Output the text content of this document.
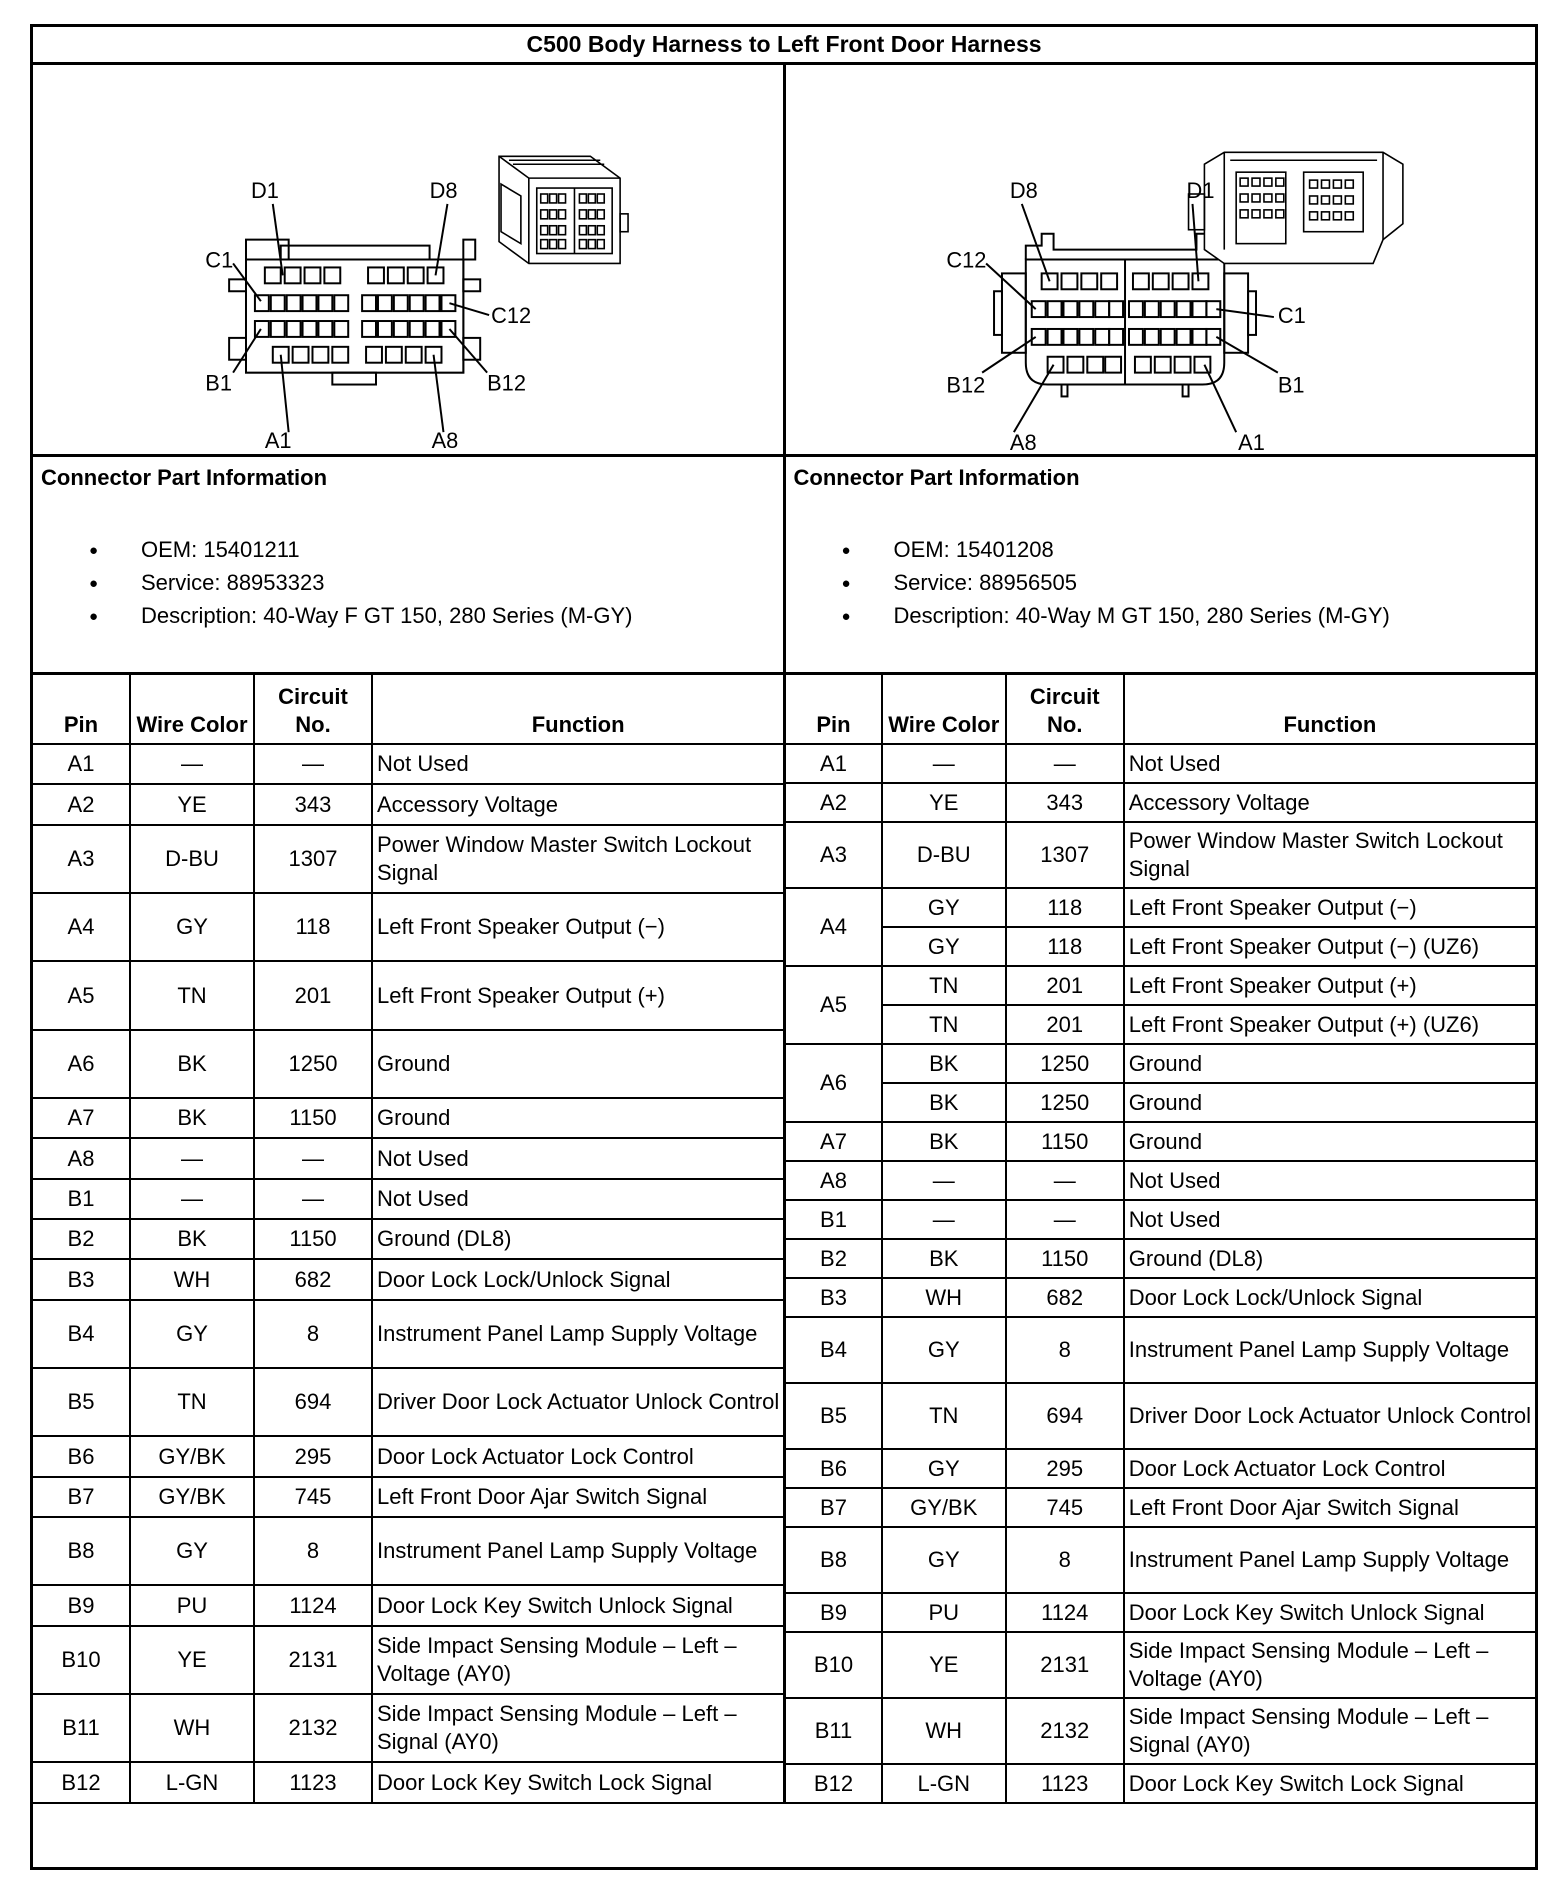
C500 Body Harness to Left Front Door Harness
D1	D8
C1
C12
B1	B12
A1	A8
D8	D1
C12
C1
B12	B1
A8	A1
Connector Part Information
● OEM: 15401211
● Service: 88953323
● Description: 40-Way F GT 150, 280 Series (M-GY)
Connector Part Information
● OEM: 15401208
● Service: 88956505
● Description: 40-Way M GT 150, 280 Series (M-GY)
Pin	Wire Color	Circuit No.	Function
A1	—	—	Not Used
A2	YE	343	Accessory Voltage
A3	D-BU	1307	Power Window Master Switch Lockout Signal
A4	GY	118	Left Front Speaker Output (−)
A5	TN	201	Left Front Speaker Output (+)
A6	BK	1250	Ground
A7	BK	1150	Ground
A8	—	—	Not Used
B1	—	—	Not Used
B2	BK	1150	Ground (DL8)
B3	WH	682	Door Lock Lock/Unlock Signal
B4	GY	8	Instrument Panel Lamp Supply Voltage
B5	TN	694	Driver Door Lock Actuator Unlock Control
B6	GY/BK	295	Door Lock Actuator Lock Control
B7	GY/BK	745	Left Front Door Ajar Switch Signal
B8	GY	8	Instrument Panel Lamp Supply Voltage
B9	PU	1124	Door Lock Key Switch Unlock Signal
B10	YE	2131	Side Impact Sensing Module – Left – Voltage (AY0)
B11	WH	2132	Side Impact Sensing Module – Left – Signal (AY0)
B12	L-GN	1123	Door Lock Key Switch Lock Signal
Pin	Wire Color	Circuit No.	Function
A1	—	—	Not Used
A2	YE	343	Accessory Voltage
A3	D-BU	1307	Power Window Master Switch Lockout Signal
A4	GY	118	Left Front Speaker Output (−)
	GY	118	Left Front Speaker Output (−) (UZ6)
A5	TN	201	Left Front Speaker Output (+)
	TN	201	Left Front Speaker Output (+) (UZ6)
A6	BK	1250	Ground
	BK	1250	Ground
A7	BK	1150	Ground
A8	—	—	Not Used
B1	—	—	Not Used
B2	BK	1150	Ground (DL8)
B3	WH	682	Door Lock Lock/Unlock Signal
B4	GY	8	Instrument Panel Lamp Supply Voltage
B5	TN	694	Driver Door Lock Actuator Unlock Control
B6	GY	295	Door Lock Actuator Lock Control
B7	GY/BK	745	Left Front Door Ajar Switch Signal
B8	GY	8	Instrument Panel Lamp Supply Voltage
B9	PU	1124	Door Lock Key Switch Unlock Signal
B10	YE	2131	Side Impact Sensing Module – Left – Voltage (AY0)
B11	WH	2132	Side Impact Sensing Module – Left – Signal (AY0)
B12	L-GN	1123	Door Lock Key Switch Lock Signal
